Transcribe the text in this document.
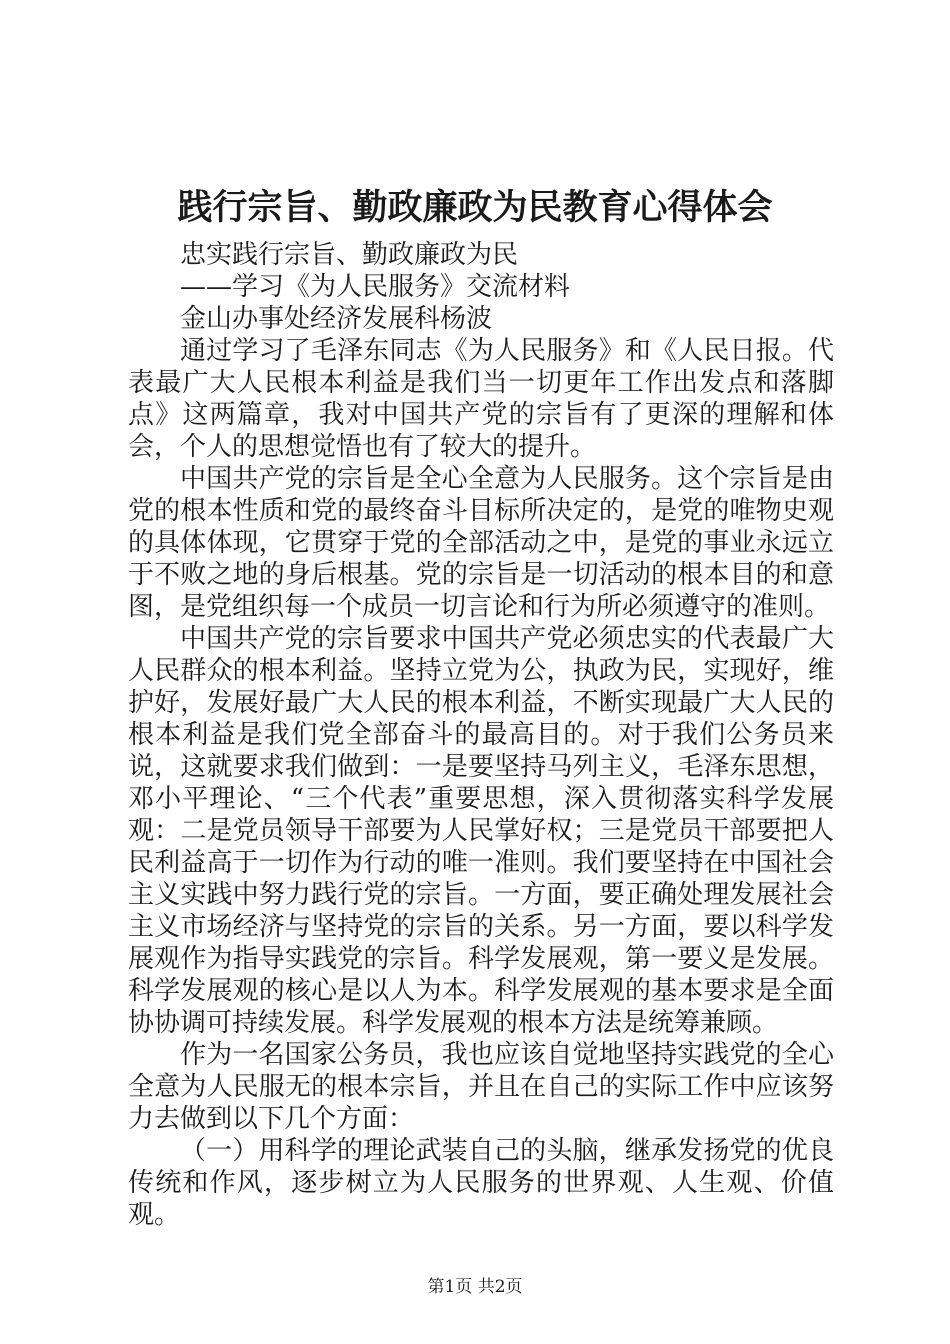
践行宗旨、勤政廉政为民教育心得体会

忠实践行宗旨、勤政廉政为民

——学习《为人民服务》交流材料

金山办事处经济发展科杨波

通过学习了毛泽东同志《为人民服务》和《人民日报。代表最广大人民根本利益是我们当一切更年工作出发点和落脚点》这两篇章，我对中国共产党的宗旨有了更深的理解和体会，个人的思想觉悟也有了较大的提升。

中国共产党的宗旨是全心全意为人民服务。这个宗旨是由党的根本性质和党的最终奋斗目标所决定的，是党的唯物史观的具体体现，它贯穿于党的全部活动之中，是党的事业永远立于不败之地的身后根基。党的宗旨是一切活动的根本目的和意图，是党组织每一个成员一切言论和行为所必须遵守的准则。

中国共产党的宗旨要求中国共产党必须忠实的代表最广大人民群众的根本利益。坚持立党为公，执政为民，实现好，维护好，发展好最广大人民的根本利益，不断实现最广大人民的根本利益是我们党全部奋斗的最高目的。对于我们公务员来说，这就要求我们做到：一是要坚持马列主义，毛泽东思想，邓小平理论、“三个代表”重要思想，深入贯彻落实科学发展观：二是党员领导干部要为人民掌好权；三是党员干部要把人民利益高于一切作为行动的唯一准则。我们要坚持在中国社会主义实践中努力践行党的宗旨。一方面，要正确处理发展社会主义市场经济与坚持党的宗旨的关系。另一方面，要以科学发展观作为指导实践党的宗旨。科学发展观，第一要义是发展。科学发展观的核心是以人为本。科学发展观的基本要求是全面协协调可持续发展。科学发展观的根本方法是统筹兼顾。

作为一名国家公务员，我也应该自觉地坚持实践党的全心全意为人民服无的根本宗旨，并且在自己的实际工作中应该努力去做到以下几个方面：

（一）用科学的理论武装自己的头脑，继承发扬党的优良传统和作风，逐步树立为人民服务的世界观、人生观、价值观。

第1页 共2页
